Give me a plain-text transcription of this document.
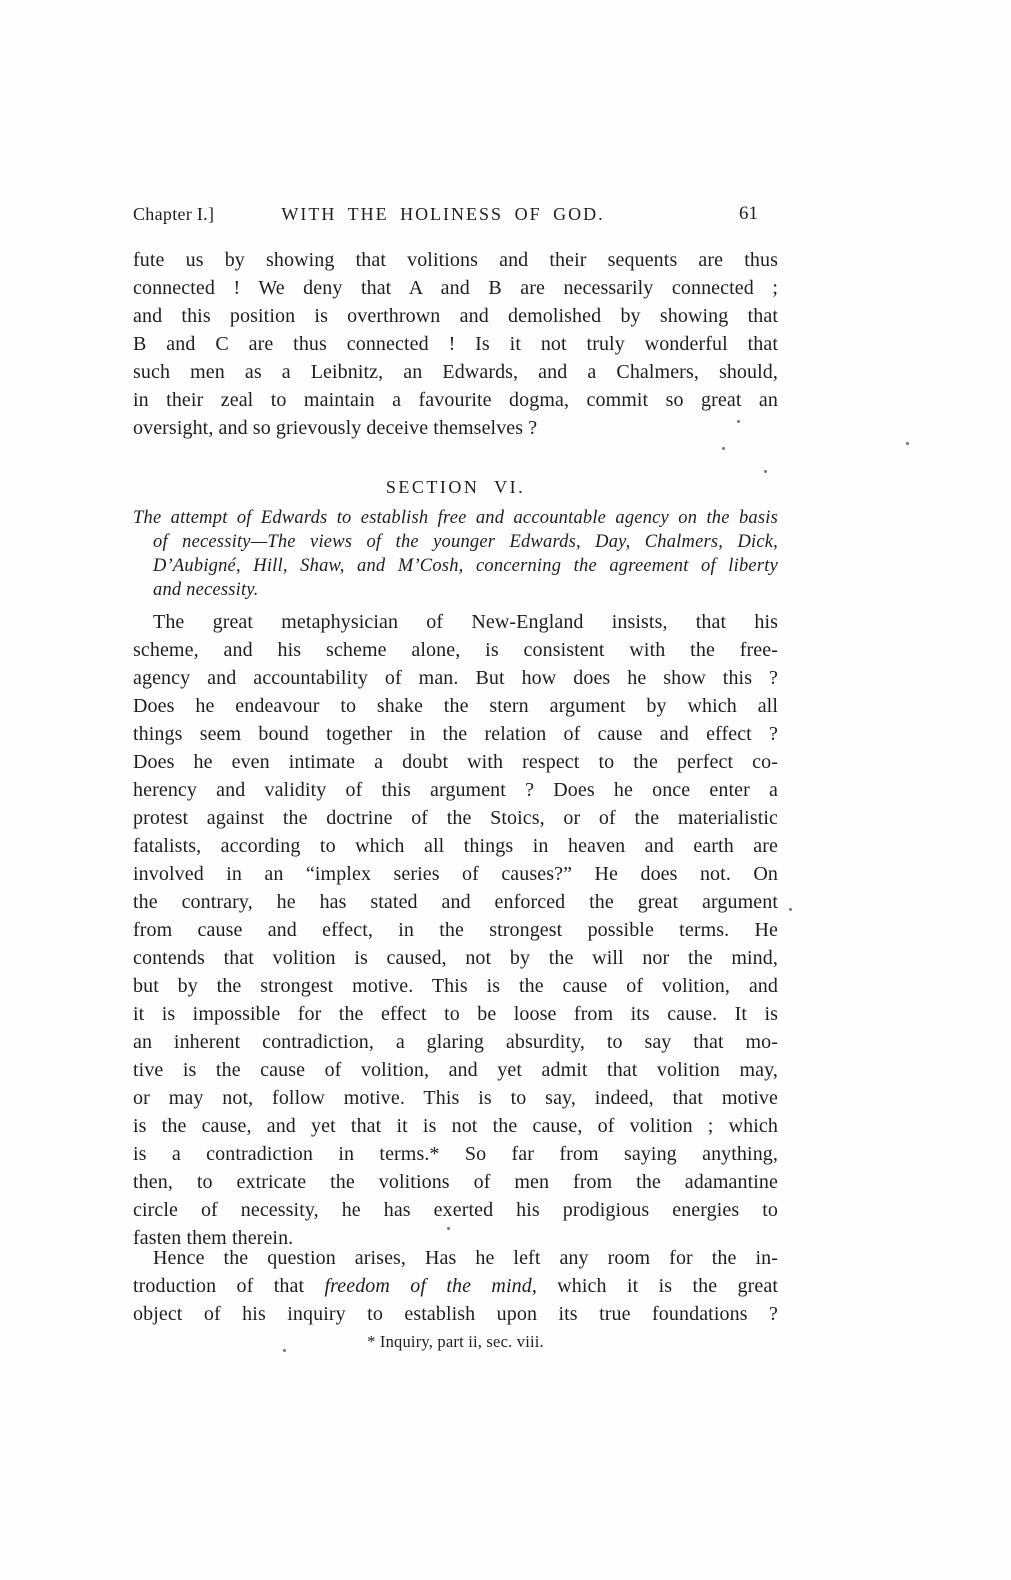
Chapter I.]	WITH THE HOLINESS OF GOD.	61
fute us by showing that volitions and their sequents are thus
connected ! We deny that A and B are necessarily connected ;
and this position is overthrown and demolished by showing that
B and C are thus connected ! Is it not truly wonderful that
such men as a Leibnitz, an Edwards, and a Chalmers, should,
in their zeal to maintain a favourite dogma, commit so great an
oversight, and so grievously deceive themselves ?
SECTION VI.
The attempt of Edwards to establish free and accountable agency on the basis
of necessity—The views of the younger Edwards, Day, Chalmers, Dick,
D’Aubigné, Hill, Shaw, and M’Cosh, concerning the agreement of liberty
and necessity.
The great metaphysician of New-England insists, that his
scheme, and his scheme alone, is consistent with the free-
agency and accountability of man. But how does he show this ?
Does he endeavour to shake the stern argument by which all
things seem bound together in the relation of cause and effect ?
Does he even intimate a doubt with respect to the perfect co-
herency and validity of this argument ? Does he once enter a
protest against the doctrine of the Stoics, or of the materialistic
fatalists, according to which all things in heaven and earth are
involved in an “implex series of causes?” He does not. On
the contrary, he has stated and enforced the great argument
from cause and effect, in the strongest possible terms. He
contends that volition is caused, not by the will nor the mind,
but by the strongest motive. This is the cause of volition, and
it is impossible for the effect to be loose from its cause. It is
an inherent contradiction, a glaring absurdity, to say that mo-
tive is the cause of volition, and yet admit that volition may,
or may not, follow motive. This is to say, indeed, that motive
is the cause, and yet that it is not the cause, of volition ; which
is a contradiction in terms.* So far from saying anything,
then, to extricate the volitions of men from the adamantine
circle of necessity, he has exerted his prodigious energies to
fasten them therein.
Hence the question arises, Has he left any room for the in-
troduction of that freedom of the mind, which it is the great
object of his inquiry to establish upon its true foundations ?
* Inquiry, part ii, sec. viii.
